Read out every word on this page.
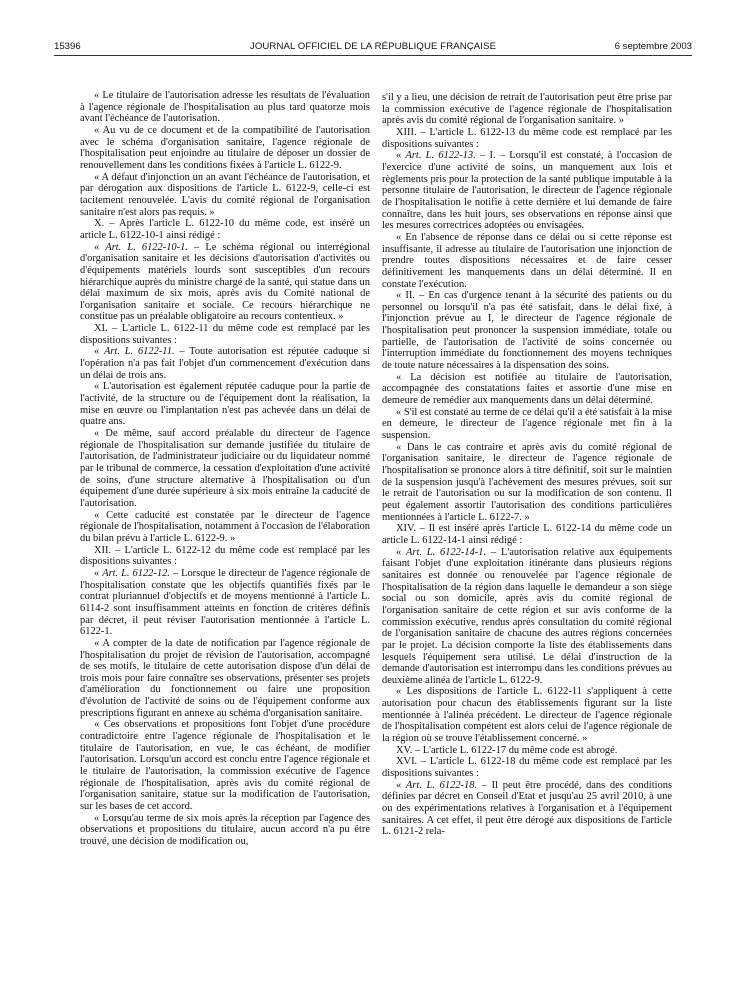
15396	JOURNAL OFFICIEL DE LA RÉPUBLIQUE FRANÇAISE	6 septembre 2003

« Le titulaire de l'autorisation adresse les résultats de l'évaluation à l'agence régionale de l'hospitalisation au plus tard quatorze mois avant l'échéance de l'autorisation.

« Au vu de ce document et de la compatibilité de l'autorisation avec le schéma d'organisation sanitaire, l'agence régionale de l'hospitalisation peut enjoindre au titulaire de déposer un dossier de renouvellement dans les conditions fixées à l'article L. 6122-9.

« A défaut d'injonction un an avant l'échéance de l'autorisation, et par dérogation aux dispositions de l'article L. 6122-9, celle-ci est tacitement renouvelée. L'avis du comité régional de l'organisation sanitaire n'est alors pas requis. »

X. – Après l'article L. 6122-10 du même code, est inséré un article L. 6122-10-1 ainsi rédigé :

« Art. L. 6122-10-1. – Le schéma régional ou interrégional d'organisation sanitaire et les décisions d'autorisation d'activités ou d'équipements matériels lourds sont susceptibles d'un recours hiérarchique auprès du ministre chargé de la santé, qui statue dans un délai maximum de six mois, après avis du Comité national de l'organisation sanitaire et sociale. Ce recours hiérarchique ne constitue pas un préalable obligatoire au recours contentieux. »

XI. – L'article L. 6122-11 du même code est remplacé par les dispositions suivantes :

« Art. L. 6122-11. – Toute autorisation est réputée caduque si l'opération n'a pas fait l'objet d'un commencement d'exécution dans un délai de trois ans.

« L'autorisation est également réputée caduque pour la partie de l'activité, de la structure ou de l'équipement dont la réalisation, la mise en œuvre ou l'implantation n'est pas achevée dans un délai de quatre ans.

« De même, sauf accord préalable du directeur de l'agence régionale de l'hospitalisation sur demande justifiée du titulaire de l'autorisation, de l'administrateur judiciaire ou du liquidateur nommé par le tribunal de commerce, la cessation d'exploitation d'une activité de soins, d'une structure alternative à l'hospitalisation ou d'un équipement d'une durée supérieure à six mois entraîne la caducité de l'autorisation.

« Cette caducité est constatée par le directeur de l'agence régionale de l'hospitalisation, notamment à l'occasion de l'élaboration du bilan prévu à l'article L. 6122-9. »

XII. – L'article L. 6122-12 du même code est remplacé par les dispositions suivantes :

« Art. L. 6122-12. – Lorsque le directeur de l'agence régionale de l'hospitalisation constate que les objectifs quantifiés fixés par le contrat pluriannuel d'objectifs et de moyens mentionné à l'article L. 6114-2 sont insuffisamment atteints en fonction de critères définis par décret, il peut réviser l'autorisation mentionnée à l'article L. 6122-1.

« A compter de la date de notification par l'agence régionale de l'hospitalisation du projet de révision de l'autorisation, accompagné de ses motifs, le titulaire de cette autorisation dispose d'un délai de trois mois pour faire connaître ses observations, présenter ses projets d'amélioration du fonctionnement ou faire une proposition d'évolution de l'activité de soins ou de l'équipement conforme aux prescriptions figurant en annexe au schéma d'organisation sanitaire.

« Ces observations et propositions font l'objet d'une procédure contradictoire entre l'agence régionale de l'hospitalisation et le titulaire de l'autorisation, en vue, le cas échéant, de modifier l'autorisation. Lorsqu'un accord est conclu entre l'agence régionale et le titulaire de l'autorisation, la commission exécutive de l'agence régionale de l'hospitalisation, après avis du comité régional de l'organisation sanitaire, statue sur la modification de l'autorisation, sur les bases de cet accord.

« Lorsqu'au terme de six mois après la réception par l'agence des observations et propositions du titulaire, aucun accord n'a pu être trouvé, une décision de modification ou,

s'il y a lieu, une décision de retrait de l'autorisation peut être prise par la commission exécutive de l'agence régionale de l'hospitalisation après avis du comité régional de l'organisation sanitaire. »

XIII. – L'article L. 6122-13 du même code est remplacé par les dispositions suivantes :

« Art. L. 6122-13. – I. – Lorsqu'il est constaté, à l'occasion de l'exercice d'une activité de soins, un manquement aux lois et règlements pris pour la protection de la santé publique imputable à la personne titulaire de l'autorisation, le directeur de l'agence régionale de l'hospitalisation le notifie à cette dernière et lui demande de faire connaître, dans les huit jours, ses observations en réponse ainsi que les mesures correctrices adoptées ou envisagées.

« En l'absence de réponse dans ce délai ou si cette réponse est insuffisante, il adresse au titulaire de l'autorisation une injonction de prendre toutes dispositions nécessaires et de faire cesser définitivement les manquements dans un délai déterminé. Il en constate l'exécution.

« II. – En cas d'urgence tenant à la sécurité des patients ou du personnel ou lorsqu'il n'a pas été satisfait, dans le délai fixé, à l'injonction prévue au I, le directeur de l'agence régionale de l'hospitalisation peut prononcer la suspension immédiate, totale ou partielle, de l'autorisation de l'activité de soins concernée ou l'interruption immédiate du fonctionnement des moyens techniques de toute nature nécessaires à la dispensation des soins.

« La décision est notifiée au titulaire de l'autorisation, accompagnée des constatations faites et assortie d'une mise en demeure de remédier aux manquements dans un délai déterminé.

« S'il est constaté au terme de ce délai qu'il a été satisfait à la mise en demeure, le directeur de l'agence régionale met fin à la suspension.

« Dans le cas contraire et après avis du comité régional de l'organisation sanitaire, le directeur de l'agence régionale de l'hospitalisation se prononce alors à titre définitif, soit sur le maintien de la suspension jusqu'à l'achèvement des mesures prévues, soit sur le retrait de l'autorisation ou sur la modification de son contenu. Il peut également assortir l'autorisation des conditions particulières mentionnées à l'article L. 6122-7. »

XIV. – Il est inséré après l'article L. 6122-14 du même code un article L. 6122-14-1 ainsi rédigé :

« Art. L. 6122-14-1. – L'autorisation relative aux équipements faisant l'objet d'une exploitation itinérante dans plusieurs régions sanitaires est donnée ou renouvelée par l'agence régionale de l'hospitalisation de la région dans laquelle le demandeur a son siège social ou son domicile, après avis du comité régional de l'organisation sanitaire de cette région et sur avis conforme de la commission exécutive, rendus après consultation du comité régional de l'organisation sanitaire de chacune des autres régions concernées par le projet. La décision comporte la liste des établissements dans lesquels l'équipement sera utilisé. Le délai d'instruction de la demande d'autorisation est interrompu dans les conditions prévues au deuxième alinéa de l'article L. 6122-9.

« Les dispositions de l'article L. 6122-11 s'appliquent à cette autorisation pour chacun des établissements figurant sur la liste mentionnée à l'alinéa précédent. Le directeur de l'agence régionale de l'hospitalisation compétent est alors celui de l'agence régionale de la région où se trouve l'établissement concerné. »

XV. – L'article L. 6122-17 du même code est abrogé.

XVI. – L'article L. 6122-18 du même code est remplacé par les dispositions suivantes :

« Art. L. 6122-18. – Il peut être procédé, dans des conditions définies par décret en Conseil d'Etat et jusqu'au 25 avril 2010, à une ou des expérimentations relatives à l'organisation et à l'équipement sanitaires. A cet effet, il peut être dérogé aux dispositions de l'article L. 6121-2 rela-
